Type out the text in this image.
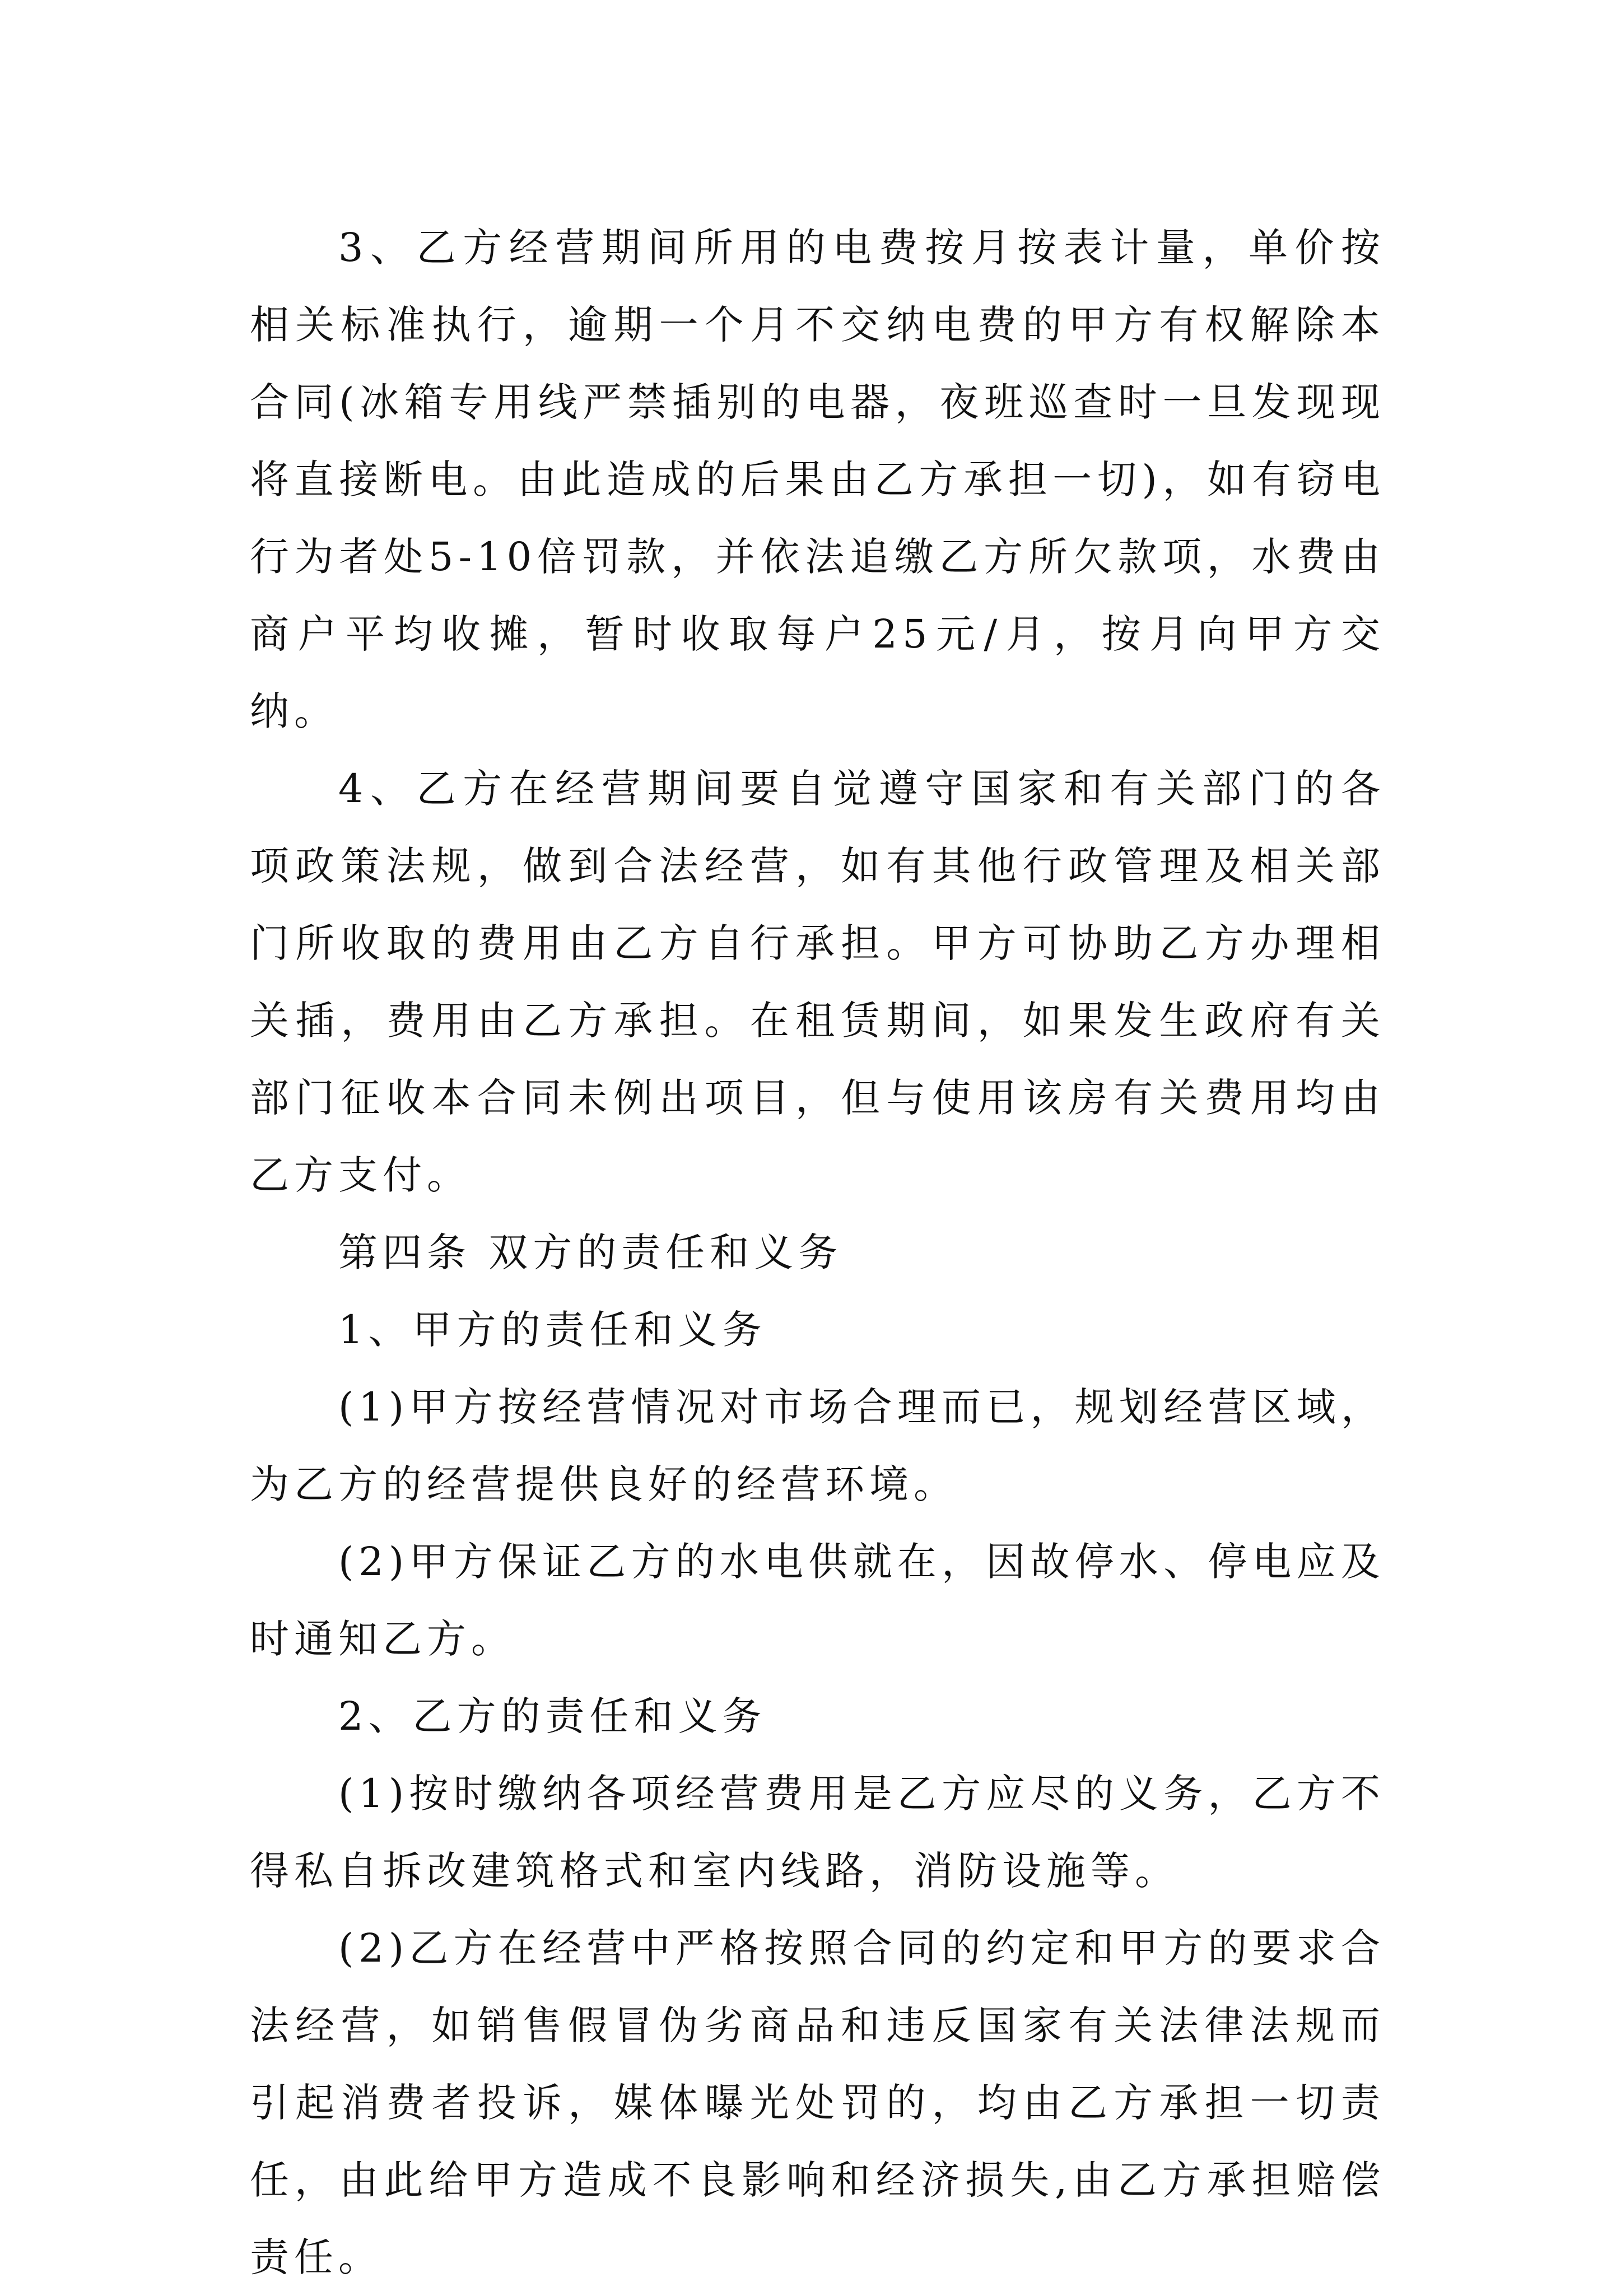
3、乙方经营期间所用的电费按月按表计量，单价按相关标准执行，逾期一个月不交纳电费的甲方有权解除本合同(冰箱专用线严禁插别的电器，夜班巡查时一旦发现现将直接断电。由此造成的后果由乙方承担一切)，如有窃电行为者处5-10倍罚款，并依法追缴乙方所欠款项，水费由商户平均收摊，暂时收取每户25元/月，按月向甲方交纳。

4、乙方在经营期间要自觉遵守国家和有关部门的各项政策法规，做到合法经营，如有其他行政管理及相关部门所收取的费用由乙方自行承担。甲方可协助乙方办理相关插，费用由乙方承担。在租赁期间，如果发生政府有关部门征收本合同未例出项目，但与使用该房有关费用均由乙方支付。

第四条 双方的责任和义务

1、甲方的责任和义务

(1)甲方按经营情况对市场合理而已，规划经营区域，为乙方的经营提供良好的经营环境。

(2)甲方保证乙方的水电供就在，因故停水、停电应及时通知乙方。

2、乙方的责任和义务

(1)按时缴纳各项经营费用是乙方应尽的义务，乙方不得私自拆改建筑格式和室内线路，消防设施等。

(2)乙方在经营中严格按照合同的约定和甲方的要求合法经营，如销售假冒伪劣商品和违反国家有关法律法规而引起消费者投诉，媒体曝光处罚的，均由乙方承担一切责任，由此给甲方造成不良影响和经济损失,由乙方承担赔偿责任。
